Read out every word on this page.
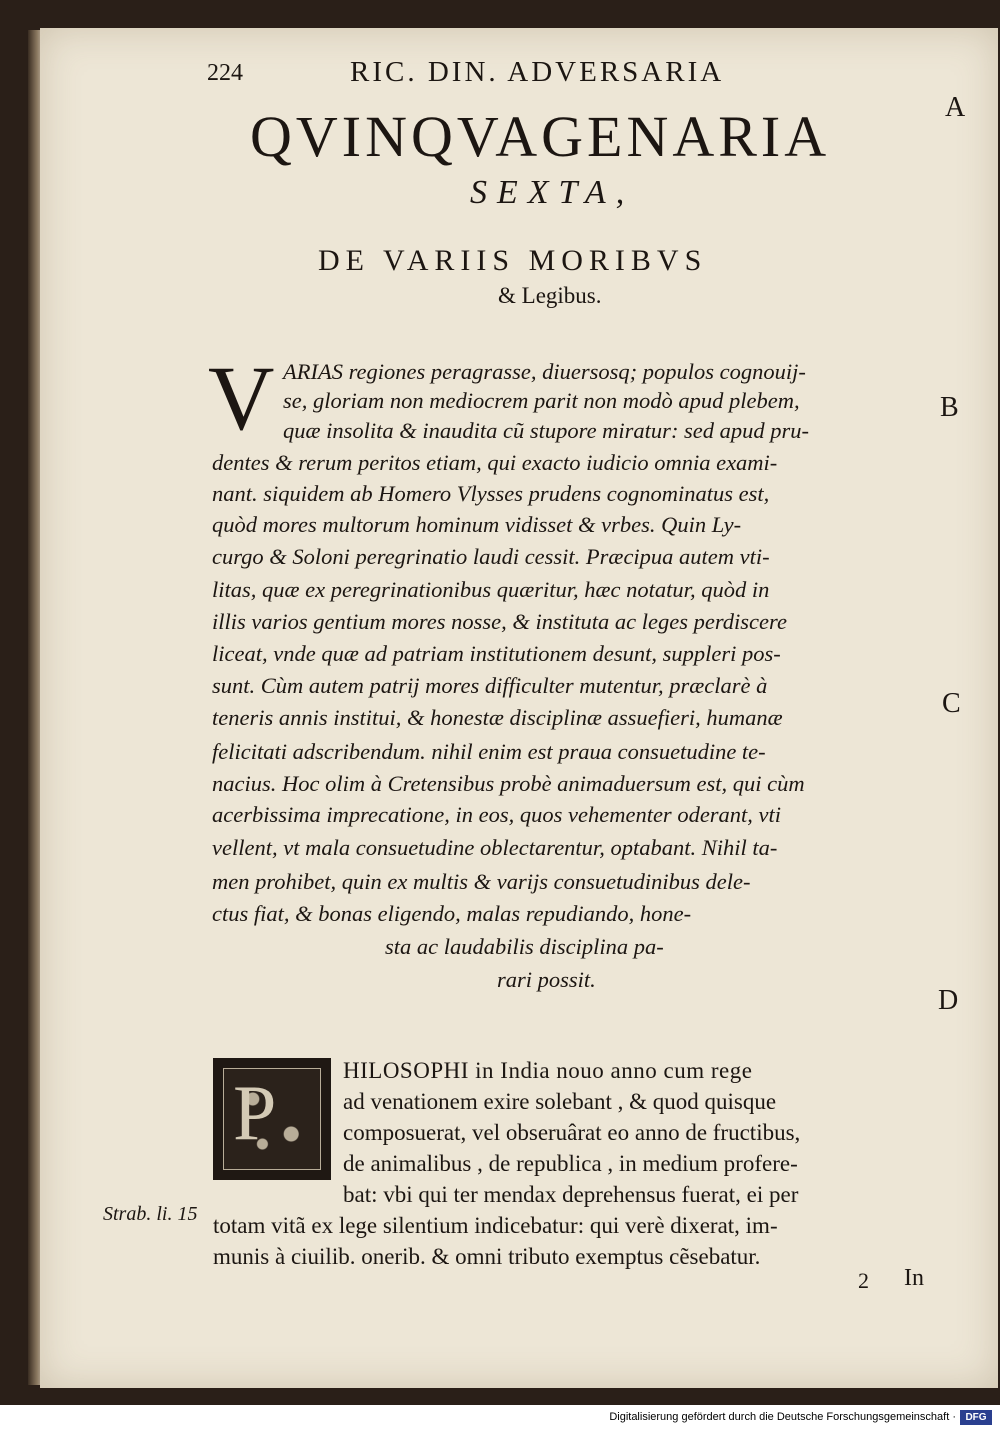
224	RIC. DIN. ADVERSARIA
A
B
C
D
QVINQVAGENARIA
SEXTA,
DE VARIIS MORIBVS
& Legibus.
V ARIAS regiones peragrasse, diuersosq; populos cognouij-
se, gloriam non mediocrem parit non modò apud plebem,
quæ insolita & inaudita cũ stupore miratur: sed apud pru-
dentes & rerum peritos etiam, qui exacto iudicio omnia exami-
nant. siquidem ab Homero Vlysses prudens cognominatus est,
quòd mores multorum hominum vidisset & vrbes. Quin Ly-
curgo & Soloni peregrinatio laudi cessit. Præcipua autem vti-
litas, quæ ex peregrinationibus quæritur, hæc notatur, quòd in
illis varios gentium mores nosse, & instituta ac leges perdiscere
liceat, vnde quæ ad patriam institutionem desunt, suppleri pos-
sunt. Cùm autem patrij mores difficulter mutentur, præclarè à
teneris annis institui, & honestæ disciplinæ assuefieri, humanæ
felicitati adscribendum. nihil enim est praua consuetudine te-
nacius. Hoc olim à Cretensibus probè animaduersum est, qui cùm
acerbissima imprecatione, in eos, quos vehementer oderant, vti
vellent, vt mala consuetudine oblectarentur, optabant. Nihil ta-
men prohibet, quin ex multis & varijs consuetudinibus dele-
ctus fiat, & bonas eligendo, malas repudiando, hone-
sta ac laudabilis disciplina pa-
rari possit.
P	HILOSOPHI in India nouo anno cum rege
ad venationem exire solebant , & quod quisque
composuerat, vel obseruârat eo anno de fructibus,
de animalibus , de republica , in medium profere-
bat: vbi qui ter mendax deprehensus fuerat, ei per
totam vitã ex lege silentium indicebatur: qui verè dixerat, im-
munis à ciuilib. onerib. & omni tributo exemptus cẽsebatur.
Strab. li. 15
2 In
Digitalisierung gefördert durch die Deutsche Forschungsgemeinschaft · DFG
